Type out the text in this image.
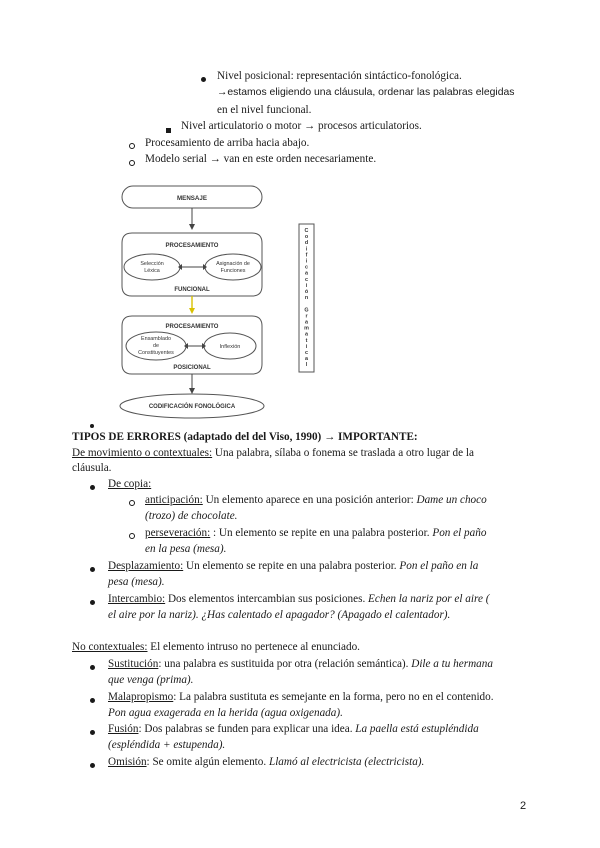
Nivel posicional: representación sintáctico-fonológica.
→estamos eligiendo una cláusula, ordenar las palabras elegidas
en el nivel funcional.
Nivel articulatorio o motor → procesos articulatorios.
Procesamiento de arriba hacia abajo.
Modelo serial → van en este orden necesariamente.
MENSAJE
PROCESAMIENTO
Selección
Léxica
Asignación de
Funciones
FUNCIONAL
PROCESAMIENTO
Ensamblado
de
Constituyentes
Inflexión
POSICIONAL
CODIFICACIÓN FONOLÓGICA
C
o
d
i
f
i
c
a
c
i
ó
n
G
r
a
m
a
t
i
c
a
l
TIPOS DE ERRORES (adaptado del del Viso, 1990) → IMPORTANTE:
De movimiento o contextuales: Una palabra, sílaba o fonema se traslada a otro lugar de la
cláusula.
De copia:
anticipación: Un elemento aparece en una posición anterior: Dame un choco
(trozo) de chocolate.
perseveración: : Un elemento se repite en una palabra posterior. Pon el paño
en la pesa (mesa).
Desplazamiento: Un elemento se repite en una palabra posterior. Pon el paño en la
pesa (mesa).
Intercambio: Dos elementos intercambian sus posiciones. Echen la nariz por el aire (
el aire por la nariz). ¿Has calentado el apagador? (Apagado el calentador).
No contextuales: El elemento intruso no pertenece al enunciado.
Sustitución: una palabra es sustituida por otra (relación semántica). Dile a tu hermana
que venga (prima).
Malapropismo: La palabra sustituta es semejante en la forma, pero no en el contenido.
Pon agua exagerada en la herida (agua oxigenada).
Fusión: Dos palabras se funden para explicar una idea. La paella está estupléndida
(espléndida + estupenda).
Omisión: Se omite algún elemento. Llamó al electricista (electricista).
2
